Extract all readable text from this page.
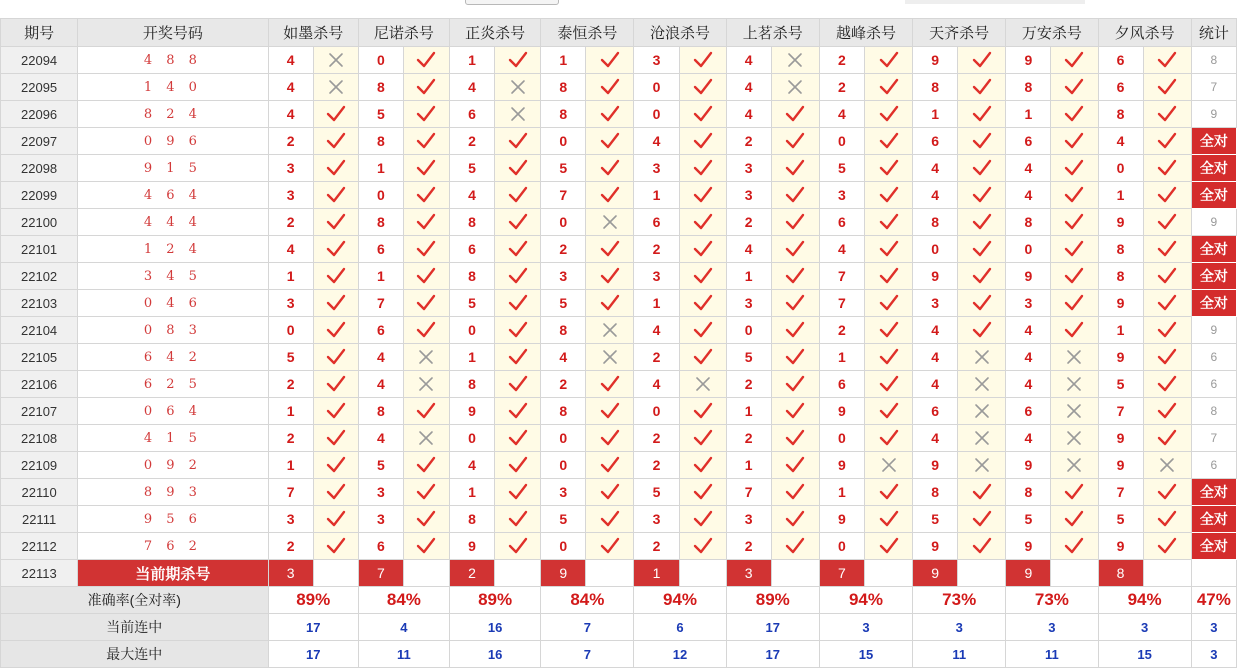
期号	开奖号码	如墨杀号		尼诺杀号		正炎杀号		泰恒杀号		沧浪杀号		上茗杀号		越峰杀号		天齐杀号		万安杀号		夕风杀号		统计
22094	4 8 8	4		0		1		1		3		4		2		9		9		6		8
22095	1 4 0	4		8		4		8		0		4		2		8		8		6		7
22096	8 2 4	4		5		6		8		0		4		4		1		1		8		9
22097	0 9 6	2		8		2		0		4		2		0		6		6		4		全对
22098	9 1 5	3		1		5		5		3		3		5		4		4		0		全对
22099	4 6 4	3		0		4		7		1		3		3		4		4		1		全对
22100	4 4 4	2		8		8		0		6		2		6		8		8		9		9
22101	1 2 4	4		6		6		2		2		4		4		0		0		8		全对
22102	3 4 5	1		1		8		3		3		1		7		9		9		8		全对
22103	0 4 6	3		7		5		5		1		3		7		3		3		9		全对
22104	0 8 3	0		6		0		8		4		0		2		4		4		1		9
22105	6 4 2	5		4		1		4		2		5		1		4		4		9		6
22106	6 2 5	2		4		8		2		4		2		6		4		4		5		6
22107	0 6 4	1		8		9		8		0		1		9		6		6		7		8
22108	4 1 5	2		4		0		0		2		2		0		4		4		9		7
22109	0 9 2	1		5		4		0		2		1		9		9		9		9		6
22110	8 9 3	7		3		1		3		5		7		1		8		8		7		全对
22111	9 5 6	3		3		8		5		3		3		9		5		5		5		全对
22112	7 6 2	2		6		9		0		2		2		0		9		9		9		全对
22113	当前期杀号	3		7		2		9		1		3		7		9		9		8		
准确率(全对率)		89%		84%		89%		84%		94%		89%		94%		73%		73%		94%		47%
当前连中		17		4		16		7		6		17		3		3		3		3		3
最大连中		17		11		16		7		12		17		15		11		11		15		3
